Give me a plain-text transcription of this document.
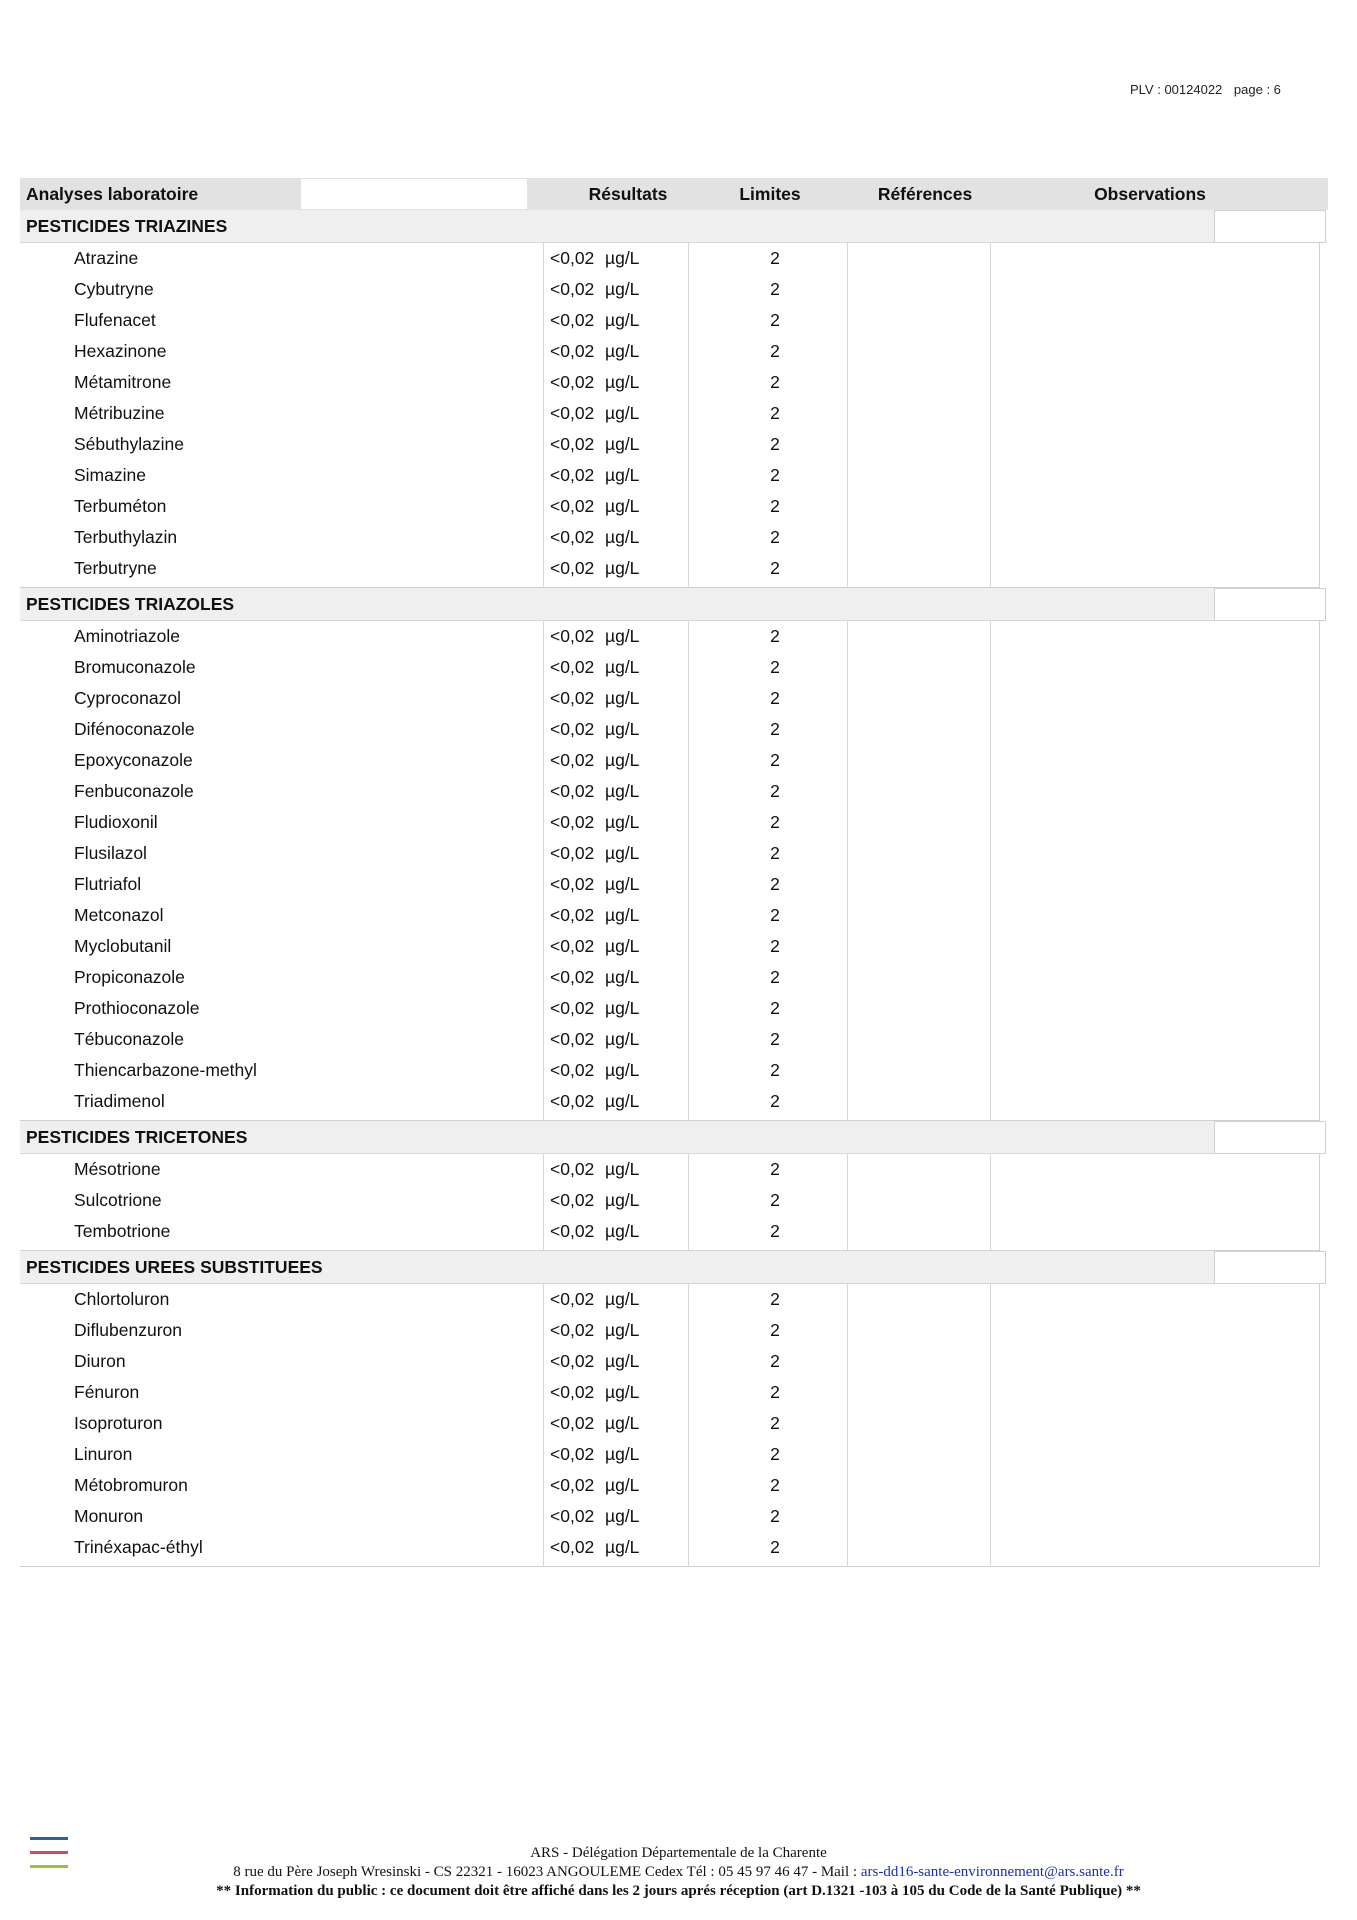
PLV : 00124022 page : 6
Analyses laboratoire	Résultats	Limites	Références	Observations
PESTICIDES TRIAZINES
Atrazine	<0,02 µg/L	2
Cybutryne	<0,02 µg/L	2
Flufenacet	<0,02 µg/L	2
Hexazinone	<0,02 µg/L	2
Métamitrone	<0,02 µg/L	2
Métribuzine	<0,02 µg/L	2
Sébuthylazine	<0,02 µg/L	2
Simazine	<0,02 µg/L	2
Terbuméton	<0,02 µg/L	2
Terbuthylazin	<0,02 µg/L	2
Terbutryne	<0,02 µg/L	2
PESTICIDES TRIAZOLES
Aminotriazole	<0,02 µg/L	2
Bromuconazole	<0,02 µg/L	2
Cyproconazol	<0,02 µg/L	2
Difénoconazole	<0,02 µg/L	2
Epoxyconazole	<0,02 µg/L	2
Fenbuconazole	<0,02 µg/L	2
Fludioxonil	<0,02 µg/L	2
Flusilazol	<0,02 µg/L	2
Flutriafol	<0,02 µg/L	2
Metconazol	<0,02 µg/L	2
Myclobutanil	<0,02 µg/L	2
Propiconazole	<0,02 µg/L	2
Prothioconazole	<0,02 µg/L	2
Tébuconazole	<0,02 µg/L	2
Thiencarbazone-methyl	<0,02 µg/L	2
Triadimenol	<0,02 µg/L	2
PESTICIDES TRICETONES
Mésotrione	<0,02 µg/L	2
Sulcotrione	<0,02 µg/L	2
Tembotrione	<0,02 µg/L	2
PESTICIDES UREES SUBSTITUEES
Chlortoluron	<0,02 µg/L	2
Diflubenzuron	<0,02 µg/L	2
Diuron	<0,02 µg/L	2
Fénuron	<0,02 µg/L	2
Isoproturon	<0,02 µg/L	2
Linuron	<0,02 µg/L	2
Métobromuron	<0,02 µg/L	2
Monuron	<0,02 µg/L	2
Trinéxapac-éthyl	<0,02 µg/L	2
ARS - Délégation Départementale de la Charente
8 rue du Père Joseph Wresinski - CS 22321 - 16023 ANGOULEME Cedex Tél : 05 45 97 46 47 - Mail : ars-dd16-sante-environnement@ars.sante.fr
** Information du public : ce document doit être affiché dans les 2 jours aprés réception (art D.1321 -103 à 105 du Code de la Santé Publique) **
